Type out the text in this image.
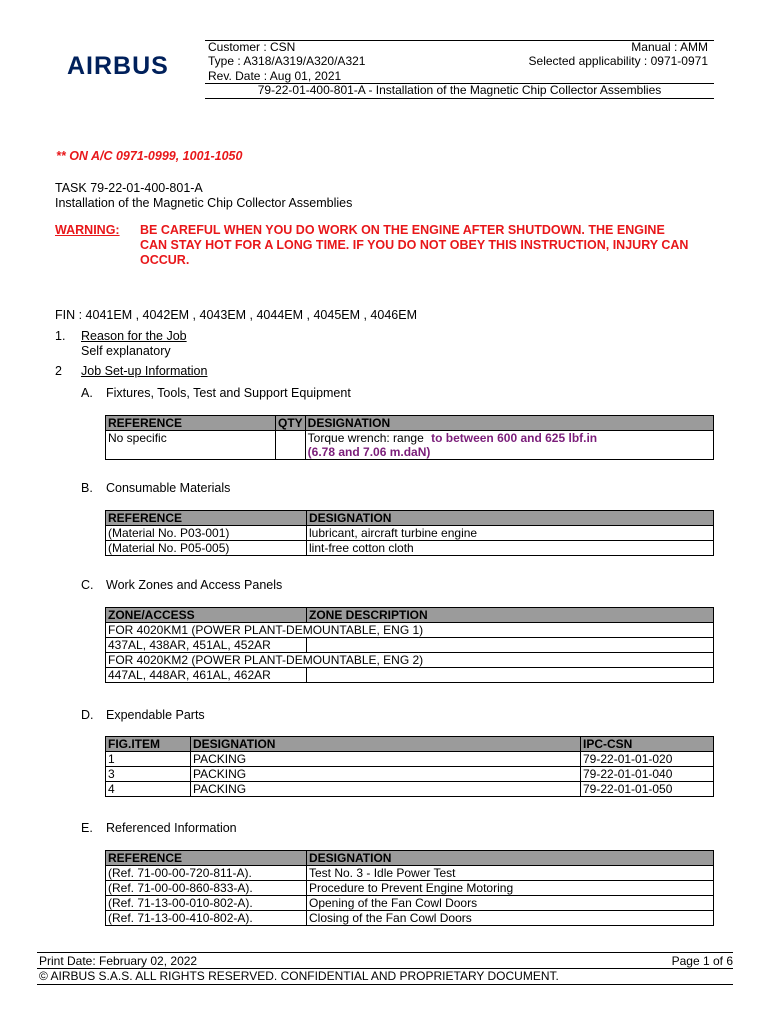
AIRBUS
Customer : CSN	Manual : AMM
Type : A318/A319/A320/A321	Selected applicability : 0971-0971
Rev. Date : Aug 01, 2021
79-22-01-400-801-A - Installation of the Magnetic Chip Collector Assemblies
** ON A/C 0971-0999, 1001-1050
TASK 79-22-01-400-801-A
Installation of the Magnetic Chip Collector Assemblies
WARNING: BE CAREFUL WHEN YOU DO WORK ON THE ENGINE AFTER SHUTDOWN. THE ENGINE
CAN STAY HOT FOR A LONG TIME. IF YOU DO NOT OBEY THIS INSTRUCTION, INJURY CAN
OCCUR.
FIN : 4041EM , 4042EM , 4043EM , 4044EM , 4045EM , 4046EM
1. Reason for the Job
Self explanatory
2 Job Set-up Information
A. Fixtures, Tools, Test and Support Equipment
REFERENCE	QTY	DESIGNATION
No specific		Torque wrench: range to between 600 and 625 lbf.in
(6.78 and 7.06 m.daN)
B. Consumable Materials
REFERENCE	DESIGNATION
(Material No. P03-001)	lubricant, aircraft turbine engine
(Material No. P05-005)	lint-free cotton cloth
C. Work Zones and Access Panels
ZONE/ACCESS	ZONE DESCRIPTION
FOR 4020KM1 (POWER PLANT-DEMOUNTABLE, ENG 1)	
437AL, 438AR, 451AL, 452AR	
FOR 4020KM2 (POWER PLANT-DEMOUNTABLE, ENG 2)	
447AL, 448AR, 461AL, 462AR	
D. Expendable Parts
FIG.ITEM	DESIGNATION	IPC-CSN
1	PACKING	79-22-01-01-020
3	PACKING	79-22-01-01-040
4	PACKING	79-22-01-01-050
E. Referenced Information
REFERENCE	DESIGNATION
(Ref. 71-00-00-720-811-A).	Test No. 3 - Idle Power Test
(Ref. 71-00-00-860-833-A).	Procedure to Prevent Engine Motoring
(Ref. 71-13-00-010-802-A).	Opening of the Fan Cowl Doors
(Ref. 71-13-00-410-802-A).	Closing of the Fan Cowl Doors
Print Date: February 02, 2022	Page 1 of 6
© AIRBUS S.A.S. ALL RIGHTS RESERVED. CONFIDENTIAL AND PROPRIETARY DOCUMENT.
